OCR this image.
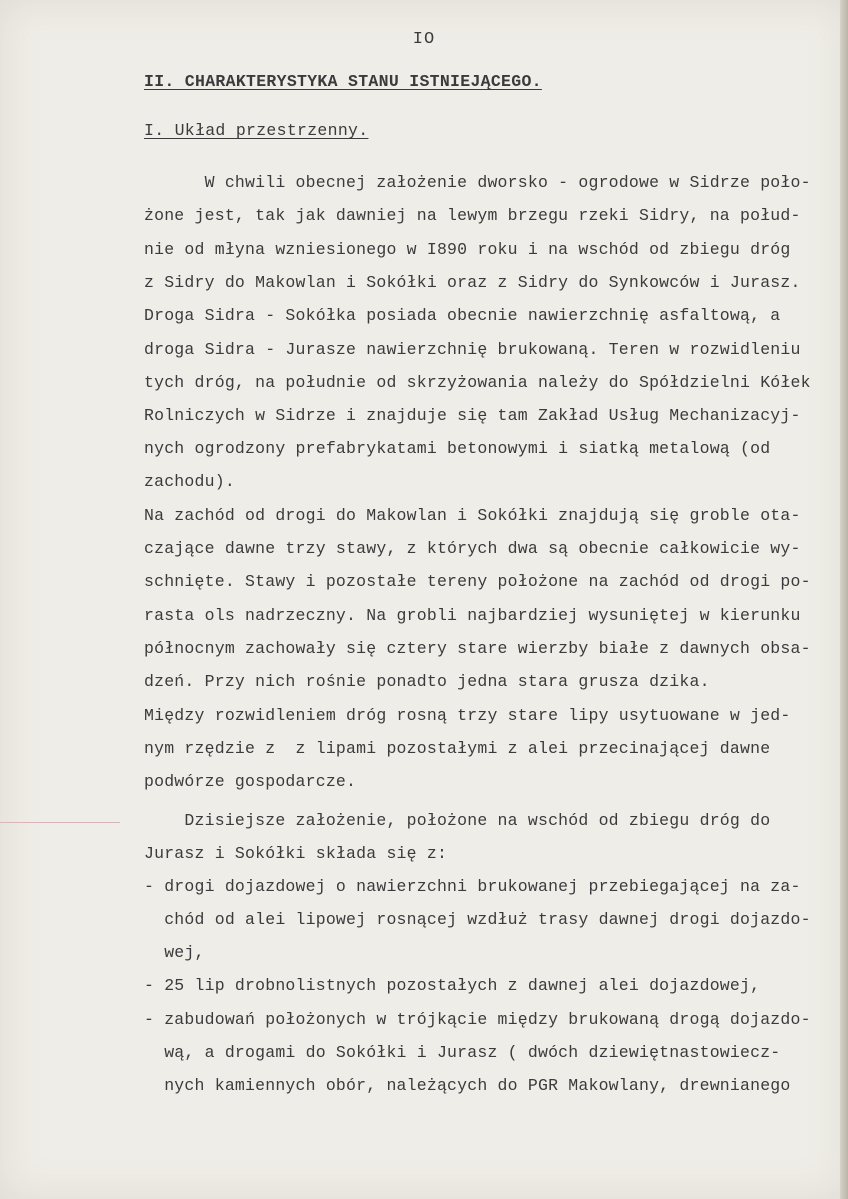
IO
II. CHARAKTERYSTYKA STANU ISTNIEJĄCEGO.
I. Układ przestrzenny.
W chwili obecnej założenie dworsko - ogrodowe w Sidrze poło-
żone jest, tak jak dawniej na lewym brzegu rzeki Sidry, na połud-
nie od młyna wzniesionego w I890 roku i na wschód od zbiegu dróg
z Sidry do Makowlan i Sokółki oraz z Sidry do Synkowców i Jurasz.
Droga Sidra - Sokółka posiada obecnie nawierzchnię asfaltową, a
droga Sidra - Jurasze nawierzchnię brukowaną. Teren w rozwidleniu
tych dróg, na południe od skrzyżowania należy do Spółdzielni Kółek
Rolniczych w Sidrze i znajduje się tam Zakład Usług Mechanizacyj-
nych ogrodzony prefabrykatami betonowymi i siatką metalową (od
zachodu).
Na zachód od drogi do Makowlan i Sokółki znajdują się groble ota-
czające dawne trzy stawy, z których dwa są obecnie całkowicie wy-
schnięte. Stawy i pozostałe tereny położone na zachód od drogi po-
rasta ols nadrzeczny. Na grobli najbardziej wysuniętej w kierunku
północnym zachowały się cztery stare wierzby białe z dawnych obsa-
dzeń. Przy nich rośnie ponadto jedna stara grusza dzika.
Między rozwidleniem dróg rosną trzy stare lipy usytuowane w jed-
nym rzędzie z  z lipami pozostałymi z alei przecinającej dawne
podwórze gospodarcze.
Dzisiejsze założenie, położone na wschód od zbiegu dróg do
Jurasz i Sokółki składa się z:
- drogi dojazdowej o nawierzchni brukowanej przebiegającej na za-
chód od alei lipowej rosnącej wzdłuż trasy dawnej drogi dojazdo-
wej,
- 25 lip drobnolistnych pozostałych z dawnej alei dojazdowej,
- zabudowań położonych w trójkącie między brukowaną drogą dojazdo-
wą, a drogami do Sokółki i Jurasz ( dwóch dziewiętnastowiecz-
nych kamiennych obór, należących do PGR Makowlany, drewnianego
